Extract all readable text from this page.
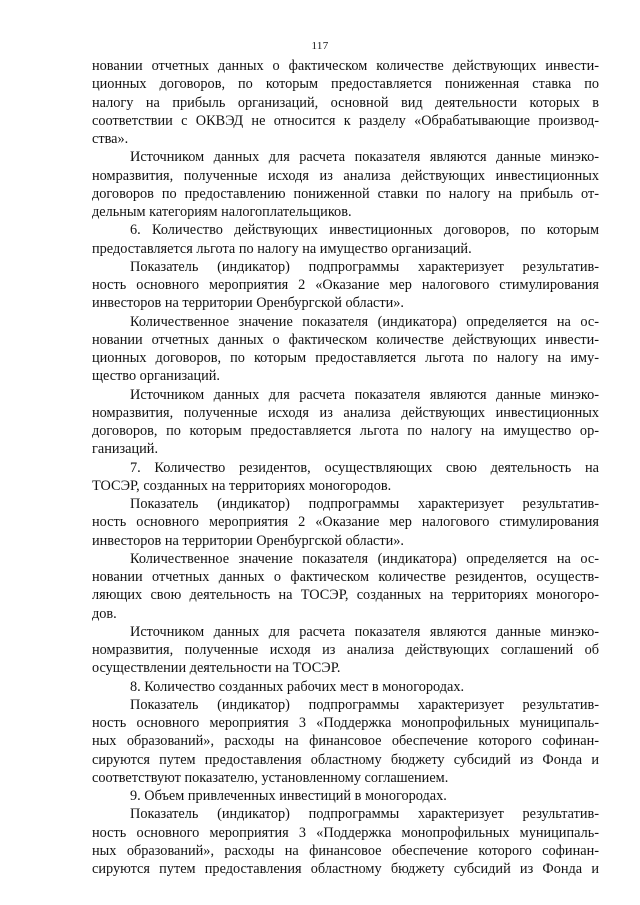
117
новании отчетных данных о фактическом количестве действующих инвести-
ционных договоров, по которым предоставляется пониженная ставка по
налогу на прибыль организаций, основной вид деятельности которых в
соответствии с ОКВЭД не относится к разделу «Обрабатывающие производ-
ства».
Источником данных для расчета показателя являются данные минэко-
номразвития, полученные исходя из анализа действующих инвестиционных
договоров по предоставлению пониженной ставки по налогу на прибыль от-
дельным категориям налогоплательщиков.
6. Количество действующих инвестиционных договоров, по которым
предоставляется льгота по налогу на имущество организаций.
Показатель (индикатор) подпрограммы характеризует результатив-
ность основного мероприятия 2 «Оказание мер налогового стимулирования
инвесторов на территории Оренбургской области».
Количественное значение показателя (индикатора) определяется на ос-
новании отчетных данных о фактическом количестве действующих инвести-
ционных договоров, по которым предоставляется льгота по налогу на иму-
щество организаций.
Источником данных для расчета показателя являются данные минэко-
номразвития, полученные исходя из анализа действующих инвестиционных
договоров, по которым предоставляется льгота по налогу на имущество ор-
ганизаций.
7. Количество резидентов, осуществляющих свою деятельность на
ТОСЭР, созданных на территориях моногородов.
Показатель (индикатор) подпрограммы характеризует результатив-
ность основного мероприятия 2 «Оказание мер налогового стимулирования
инвесторов на территории Оренбургской области».
Количественное значение показателя (индикатора) определяется на ос-
новании отчетных данных о фактическом количестве резидентов, осуществ-
ляющих свою деятельность на ТОСЭР, созданных на территориях моногоро-
дов.
Источником данных для расчета показателя являются данные минэко-
номразвития, полученные исходя из анализа действующих соглашений об
осуществлении деятельности на ТОСЭР.
8. Количество созданных рабочих мест в моногородах.
Показатель (индикатор) подпрограммы характеризует результатив-
ность основного мероприятия 3 «Поддержка монопрофильных муниципаль-
ных образований», расходы на финансовое обеспечение которого софинан-
сируются путем предоставления областному бюджету субсидий из Фонда и
соответствуют показателю, установленному соглашением.
9. Объем привлеченных инвестиций в моногородах.
Показатель (индикатор) подпрограммы характеризует результатив-
ность основного мероприятия 3 «Поддержка монопрофильных муниципаль-
ных образований», расходы на финансовое обеспечение которого софинан-
сируются путем предоставления областному бюджету субсидий из Фонда и
